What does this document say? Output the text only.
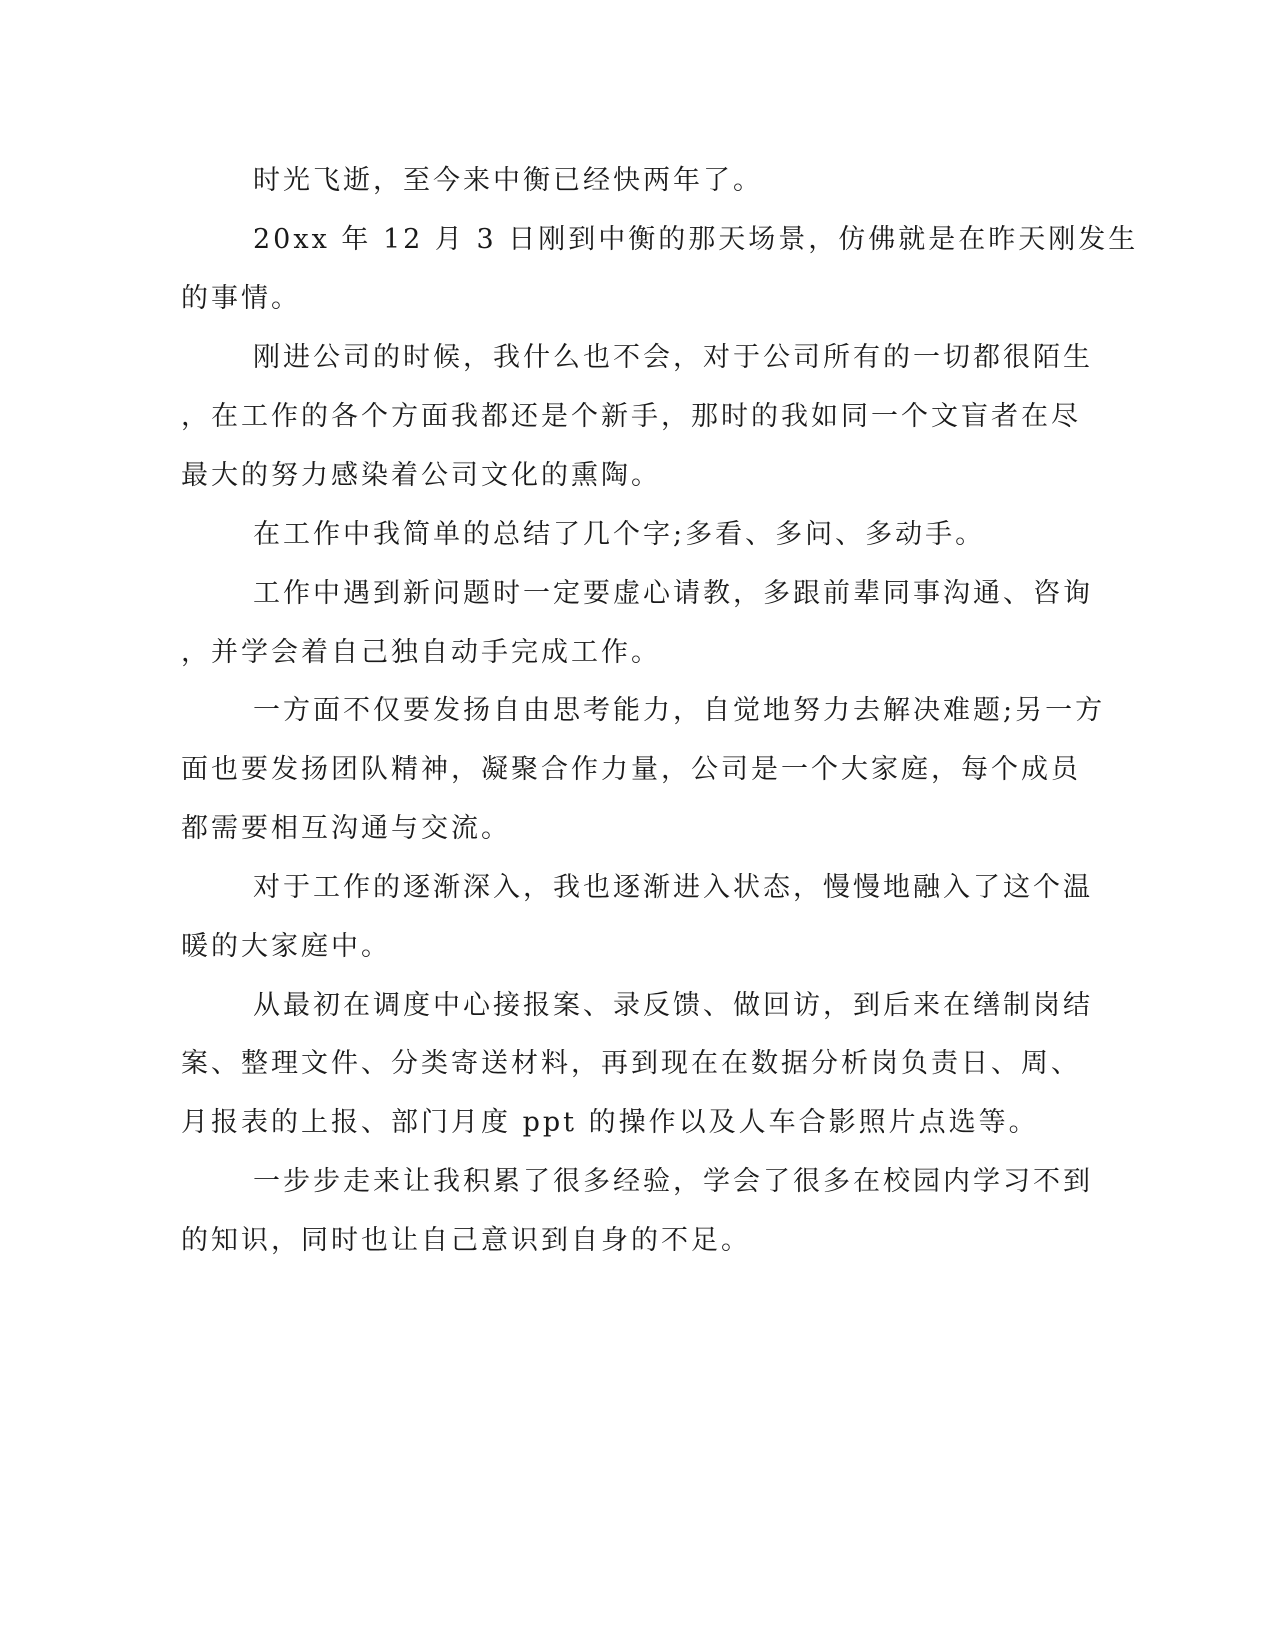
时光飞逝，至今来中衡已经快两年了。

20xx 年 12 月 3 日刚到中衡的那天场景，仿佛就是在昨天刚发生

的事情。

刚进公司的时候，我什么也不会，对于公司所有的一切都很陌生

，在工作的各个方面我都还是个新手，那时的我如同一个文盲者在尽

最大的努力感染着公司文化的熏陶。

在工作中我简单的总结了几个字;多看、多问、多动手。

工作中遇到新问题时一定要虚心请教，多跟前辈同事沟通、咨询

，并学会着自己独自动手完成工作。

一方面不仅要发扬自由思考能力，自觉地努力去解决难题;另一方

面也要发扬团队精神，凝聚合作力量，公司是一个大家庭，每个成员

都需要相互沟通与交流。

对于工作的逐渐深入，我也逐渐进入状态，慢慢地融入了这个温

暖的大家庭中。

从最初在调度中心接报案、录反馈、做回访，到后来在缮制岗结

案、整理文件、分类寄送材料，再到现在在数据分析岗负责日、周、

月报表的上报、部门月度 ppt 的操作以及人车合影照片点选等。

一步步走来让我积累了很多经验，学会了很多在校园内学习不到

的知识，同时也让自己意识到自身的不足。
